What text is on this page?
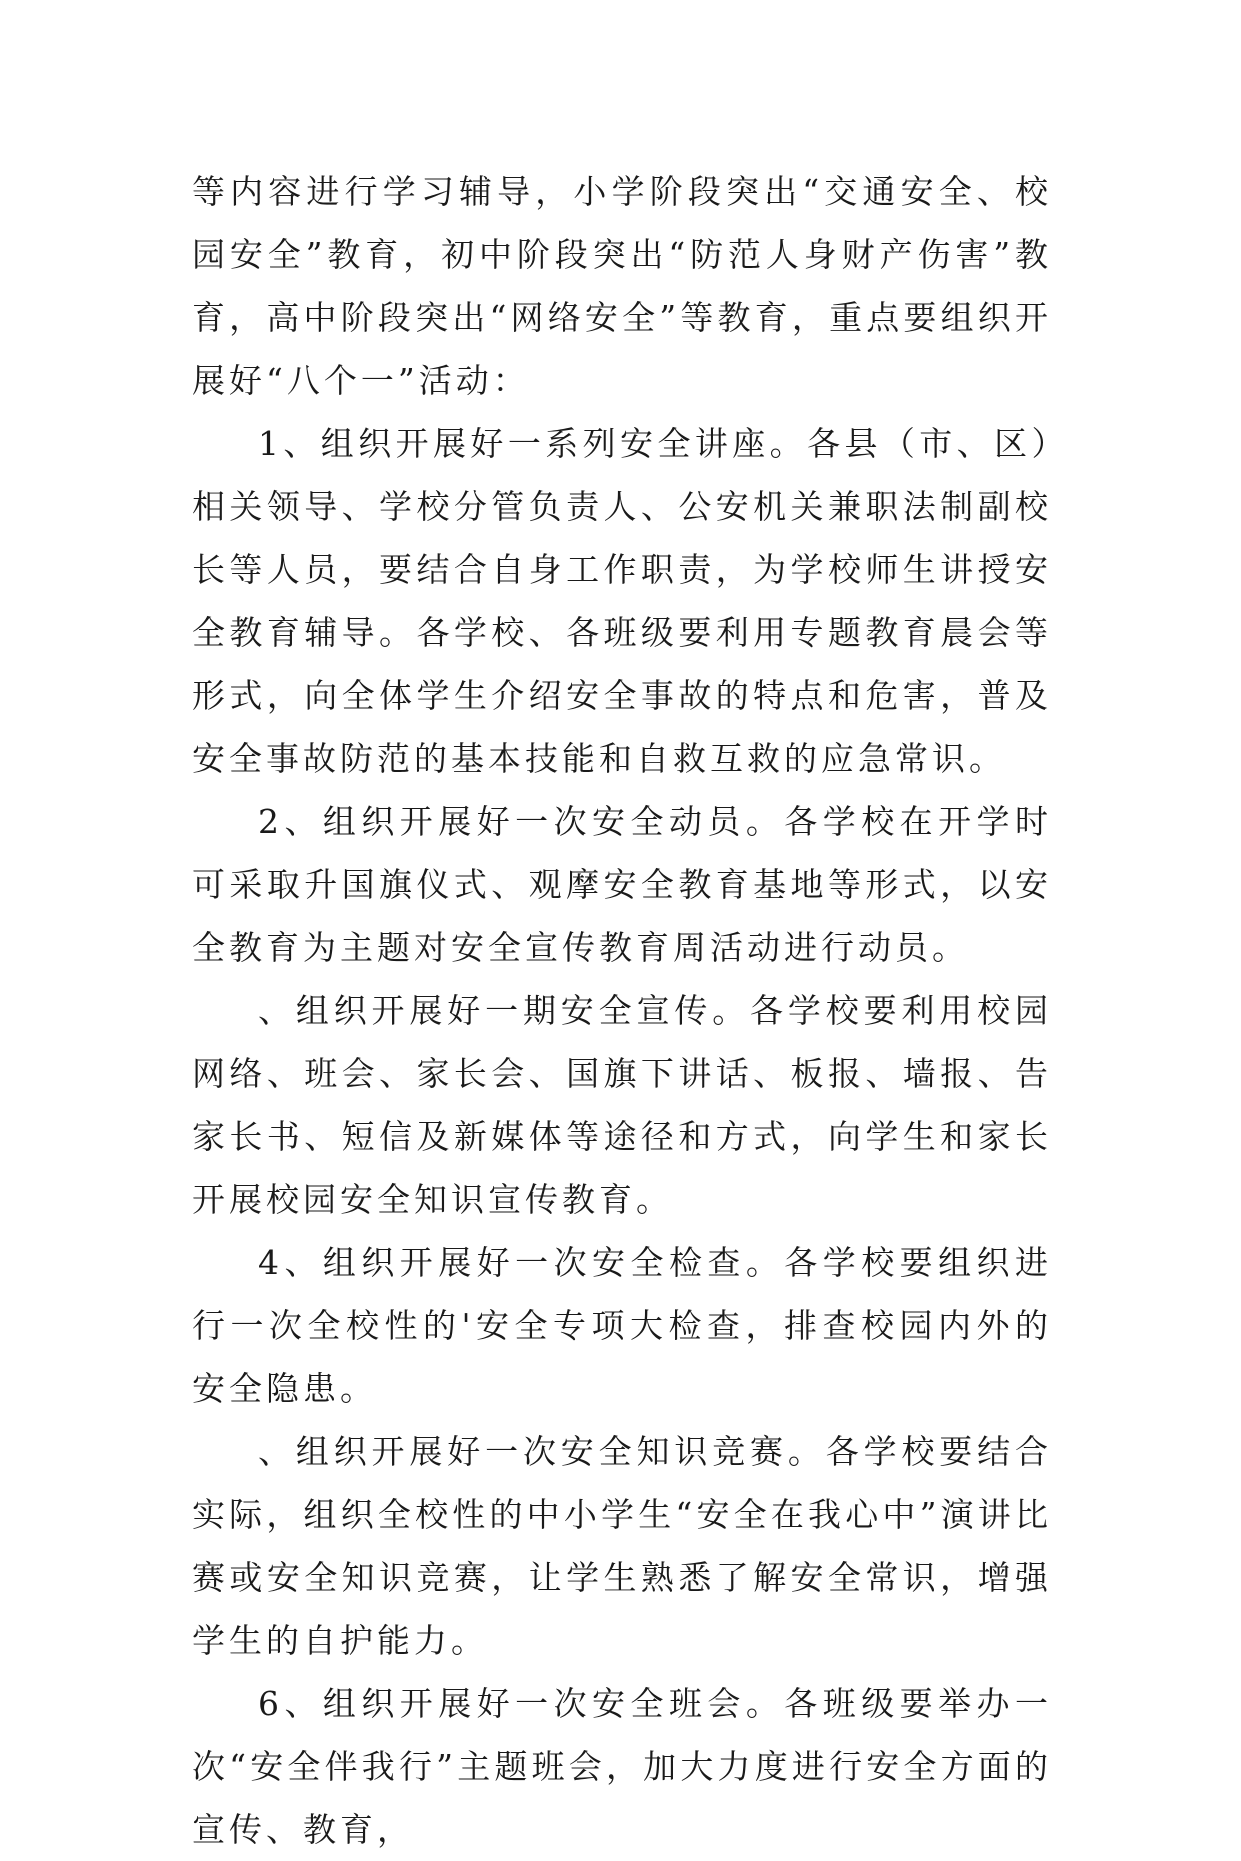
等内容进行学习辅导，小学阶段突出“交通安全、校园安全”教育，初中阶段突出“防范人身财产伤害”教育，高中阶段突出“网络安全”等教育，重点要组织开展好“八个一”活动：

1、组织开展好一系列安全讲座。各县（市、区）相关领导、学校分管负责人、公安机关兼职法制副校长等人员，要结合自身工作职责，为学校师生讲授安全教育辅导。各学校、各班级要利用专题教育晨会等形式，向全体学生介绍安全事故的特点和危害，普及安全事故防范的基本技能和自救互救的应急常识。

2、组织开展好一次安全动员。各学校在开学时可采取升国旗仪式、观摩安全教育基地等形式，以安全教育为主题对安全宣传教育周活动进行动员。

、组织开展好一期安全宣传。各学校要利用校园网络、班会、家长会、国旗下讲话、板报、墙报、告家长书、短信及新媒体等途径和方式，向学生和家长开展校园安全知识宣传教育。

4、组织开展好一次安全检查。各学校要组织进行一次全校性的'安全专项大检查，排查校园内外的安全隐患。

、组织开展好一次安全知识竞赛。各学校要结合实际，组织全校性的中小学生“安全在我心中”演讲比赛或安全知识竞赛，让学生熟悉了解安全常识，增强学生的自护能力。

6、组织开展好一次安全班会。各班级要举办一次“安全伴我行”主题班会，加大力度进行安全方面的宣传、教育，
